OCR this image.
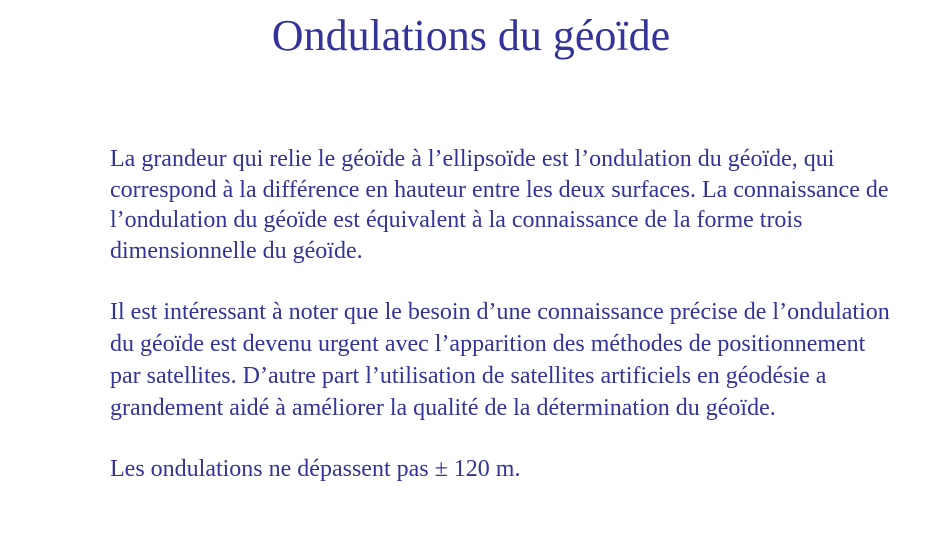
Ondulations du géoïde

La grandeur qui relie le géoïde à l’ellipsoïde est l’ondulation du géoïde, qui correspond à la différence en hauteur entre les deux surfaces. La connaissance de l’ondulation du géoïde est équivalent à la connaissance de la forme trois dimensionnelle du géoïde.

Il est intéressant à noter que le besoin d’une connaissance précise de l’ondulation du géoïde est devenu urgent avec l’apparition des méthodes de positionnement par satellites. D’autre part l’utilisation de satellites artificiels en géodésie a grandement aidé à améliorer la qualité de la détermination du géoïde.

Les ondulations ne dépassent pas ± 120 m.
